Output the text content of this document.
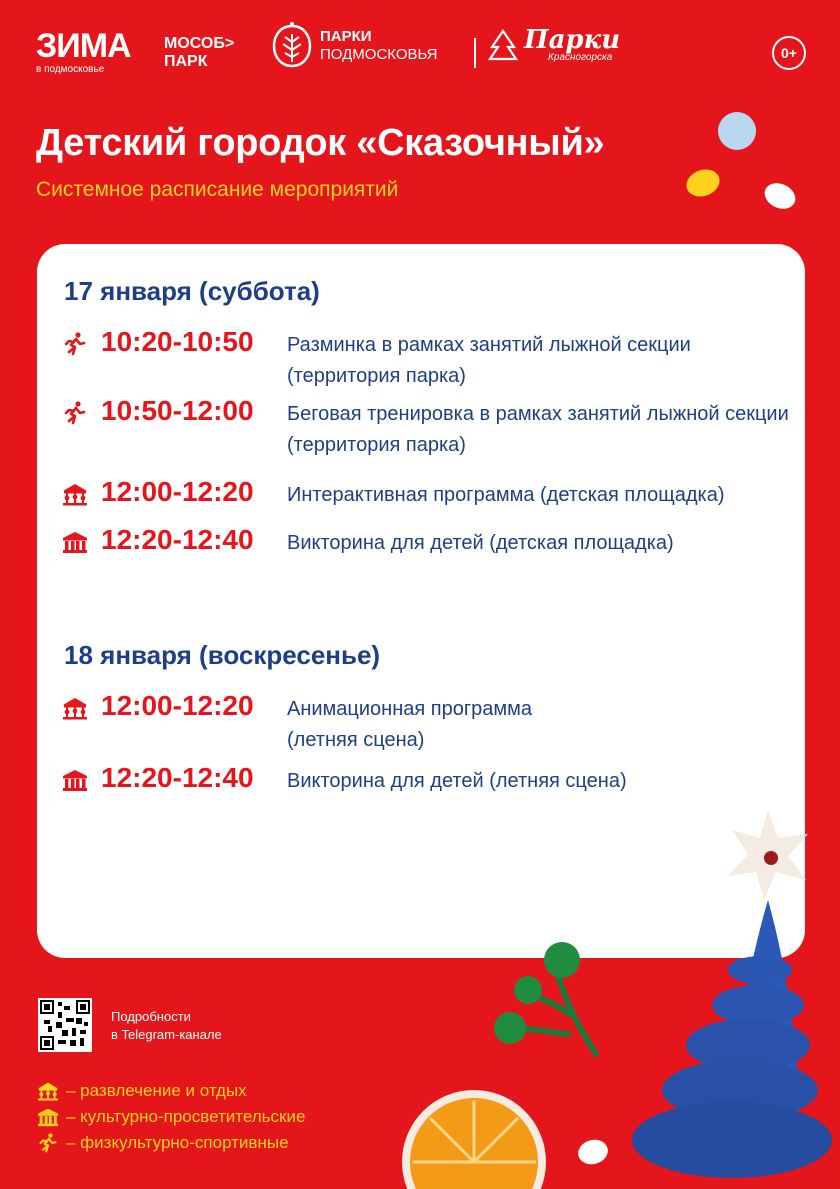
ЗИМА
в подмосковье
МОСОБ>
ПАРК
ПАРКИ
ПОДМОСКОВЬЯ	Парки
Красногорска	0+
Детский городок «Сказочный»
Системное расписание мероприятий
17 января (суббота)
10:20-10:50 Разминка в рамках занятий лыжной секции (территория парка)
10:50-12:00 Беговая тренировка в рамках занятий лыжной секции (территория парка)
12:00-12:20 Интерактивная программа (детская площадка)
12:20-12:40 Викторина для детей (детская площадка)
18 января (воскресенье)
12:00-12:20 Анимационная программа (летняя сцена)
12:20-12:40 Викторина для детей (летняя сцена)
Подробности
в Telegram-канале
– развлечение и отдых
– культурно-просветительские
– физкультурно-спортивные
